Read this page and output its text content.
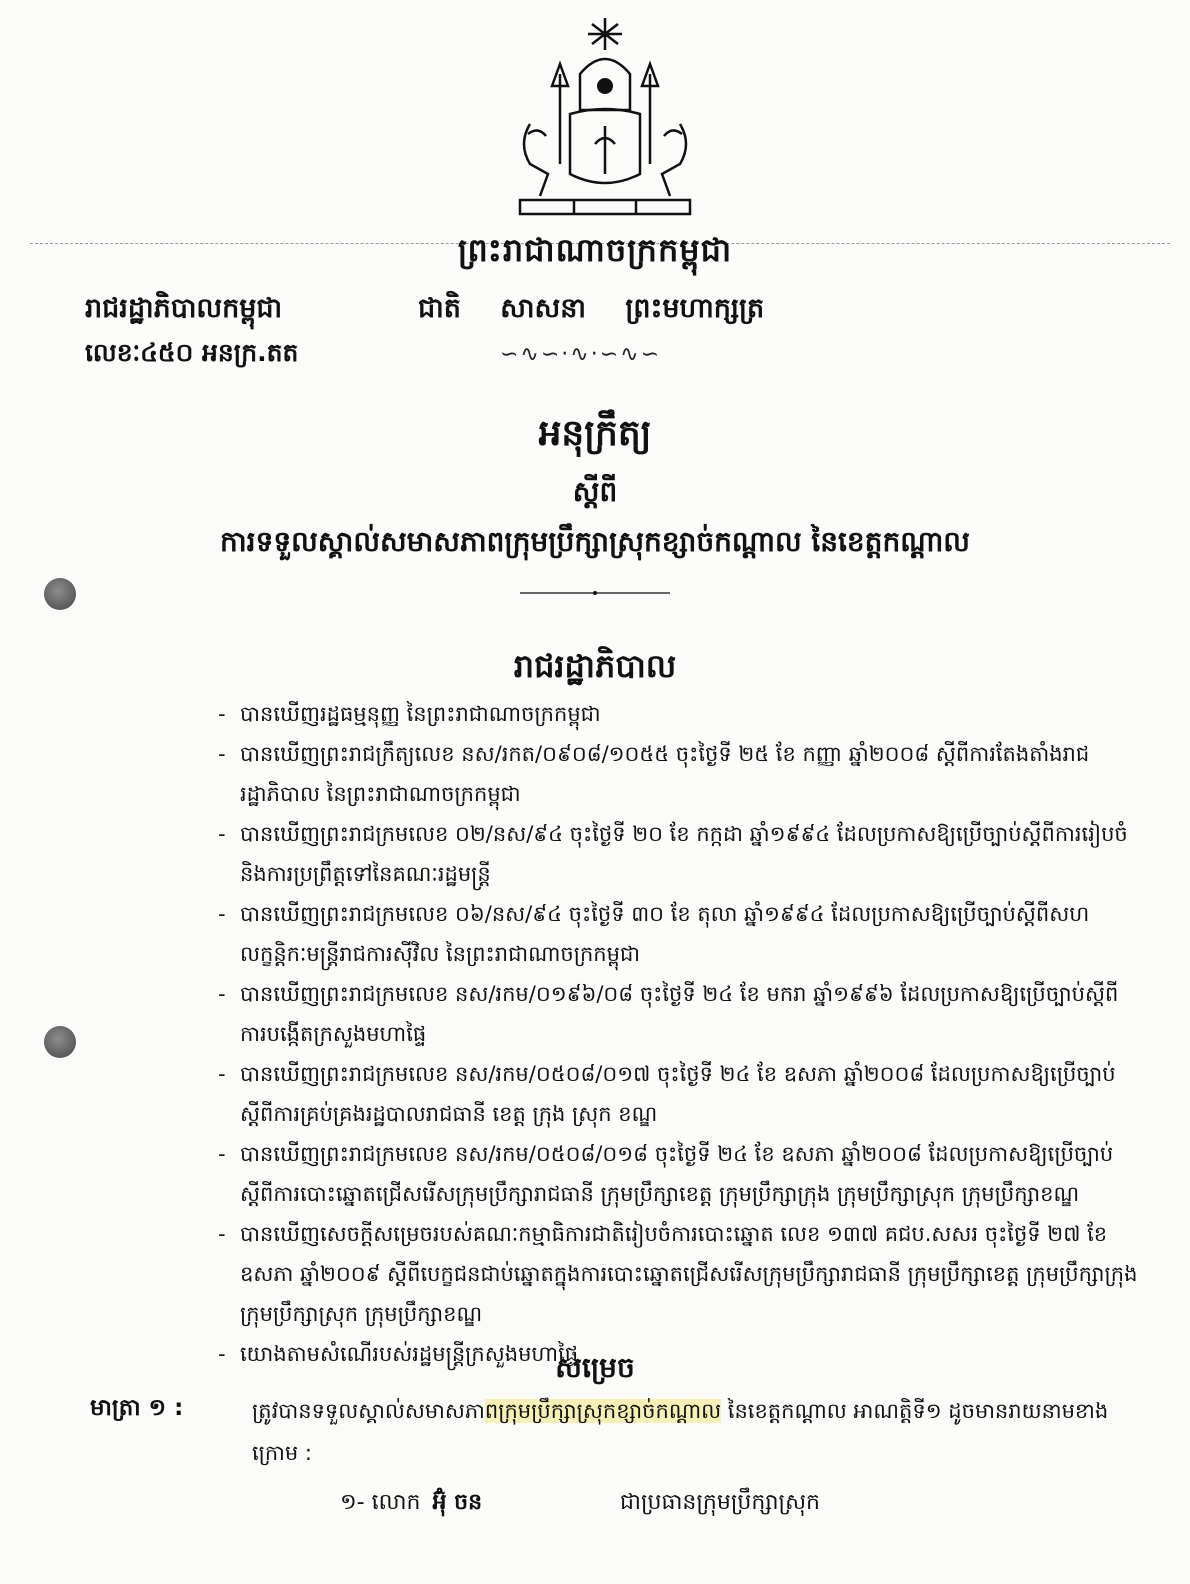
ព្រះរាជាណាចក្រកម្ពុជា
រាជរដ្ឋាភិបាលកម្ពុជា	ជាតិ សាសនា ព្រះមហាក្សត្រ
លេខៈ៤៥០ អនក្រ.តត	∽∿∽·∿·∽∿∽
អនុក្រឹត្យ
ស្តីពី
ការទទួលស្គាល់សមាសភាពក្រុមប្រឹក្សាស្រុកខ្សាច់កណ្តាល នៃខេត្តកណ្តាល
រាជរដ្ឋាភិបាល
- បានឃើញរដ្ឋធម្មនុញ្ញ នៃព្រះរាជាណាចក្រកម្ពុជា
- បានឃើញព្រះរាជក្រឹត្យលេខ នស/រកត/០៩០៨/១០៥៥ ចុះថ្ងៃទី ២៥ ខែ កញ្ញា ឆ្នាំ២០០៨ ស្តីពីការតែងតាំងរាជរដ្ឋាភិបាល នៃព្រះរាជាណាចក្រកម្ពុជា
- បានឃើញព្រះរាជក្រមលេខ ០២/នស/៩៤ ចុះថ្ងៃទី ២០ ខែ កក្កដា ឆ្នាំ១៩៩៤ ដែលប្រកាសឱ្យប្រើច្បាប់ស្តីពីការរៀបចំ និងការប្រព្រឹត្តទៅនៃគណៈរដ្ឋមន្ត្រី
- បានឃើញព្រះរាជក្រមលេខ ០៦/នស/៩៤ ចុះថ្ងៃទី ៣០ ខែ តុលា ឆ្នាំ១៩៩៤ ដែលប្រកាសឱ្យប្រើច្បាប់ស្តីពីសហលក្ខន្តិកៈមន្ត្រីរាជការស៊ីវិល នៃព្រះរាជាណាចក្រកម្ពុជា
- បានឃើញព្រះរាជក្រមលេខ នស/រកម/០១៩៦/០៨ ចុះថ្ងៃទី ២៤ ខែ មករា ឆ្នាំ១៩៩៦ ដែលប្រកាសឱ្យប្រើច្បាប់ស្តីពីការបង្កើតក្រសួងមហាផ្ទៃ
- បានឃើញព្រះរាជក្រមលេខ នស/រកម/០៥០៨/០១៧ ចុះថ្ងៃទី ២៤ ខែ ឧសភា ឆ្នាំ២០០៨ ដែលប្រកាសឱ្យប្រើច្បាប់ស្តីពីការគ្រប់គ្រងរដ្ឋបាលរាជធានី ខេត្ត ក្រុង ស្រុក ខណ្ឌ
- បានឃើញព្រះរាជក្រមលេខ នស/រកម/០៥០៨/០១៨ ចុះថ្ងៃទី ២៤ ខែ ឧសភា ឆ្នាំ២០០៨ ដែលប្រកាសឱ្យប្រើច្បាប់ស្តីពីការបោះឆ្នោតជ្រើសរើសក្រុមប្រឹក្សារាជធានី ក្រុមប្រឹក្សាខេត្ត ក្រុមប្រឹក្សាក្រុង ក្រុមប្រឹក្សាស្រុក ក្រុមប្រឹក្សាខណ្ឌ
- បានឃើញសេចក្តីសម្រេចរបស់គណៈកម្មាធិការជាតិរៀបចំការបោះឆ្នោត លេខ ១៣៧ គជប.សសរ ចុះថ្ងៃទី ២៧ ខែ ឧសភា ឆ្នាំ២០០៩ ស្តីពីបេក្ខជនជាប់ឆ្នោតក្នុងការបោះឆ្នោតជ្រើសរើសក្រុមប្រឹក្សារាជធានី ក្រុមប្រឹក្សាខេត្ត ក្រុមប្រឹក្សាក្រុង ក្រុមប្រឹក្សាស្រុក ក្រុមប្រឹក្សាខណ្ឌ
- យោងតាមសំណើរបស់រដ្ឋមន្ត្រីក្រសួងមហាផ្ទៃ
សម្រេច
មាត្រា ១ :	ត្រូវបានទទួលស្គាល់សមាសភាពក្រុមប្រឹក្សាស្រុកខ្សាច់កណ្តាល នៃខេត្តកណ្តាល អាណត្តិទី១ ដូចមានរាយនាមខាងក្រោម :
១- លោក អ៊ុំ ចន	ជាប្រធានក្រុមប្រឹក្សាស្រុក
